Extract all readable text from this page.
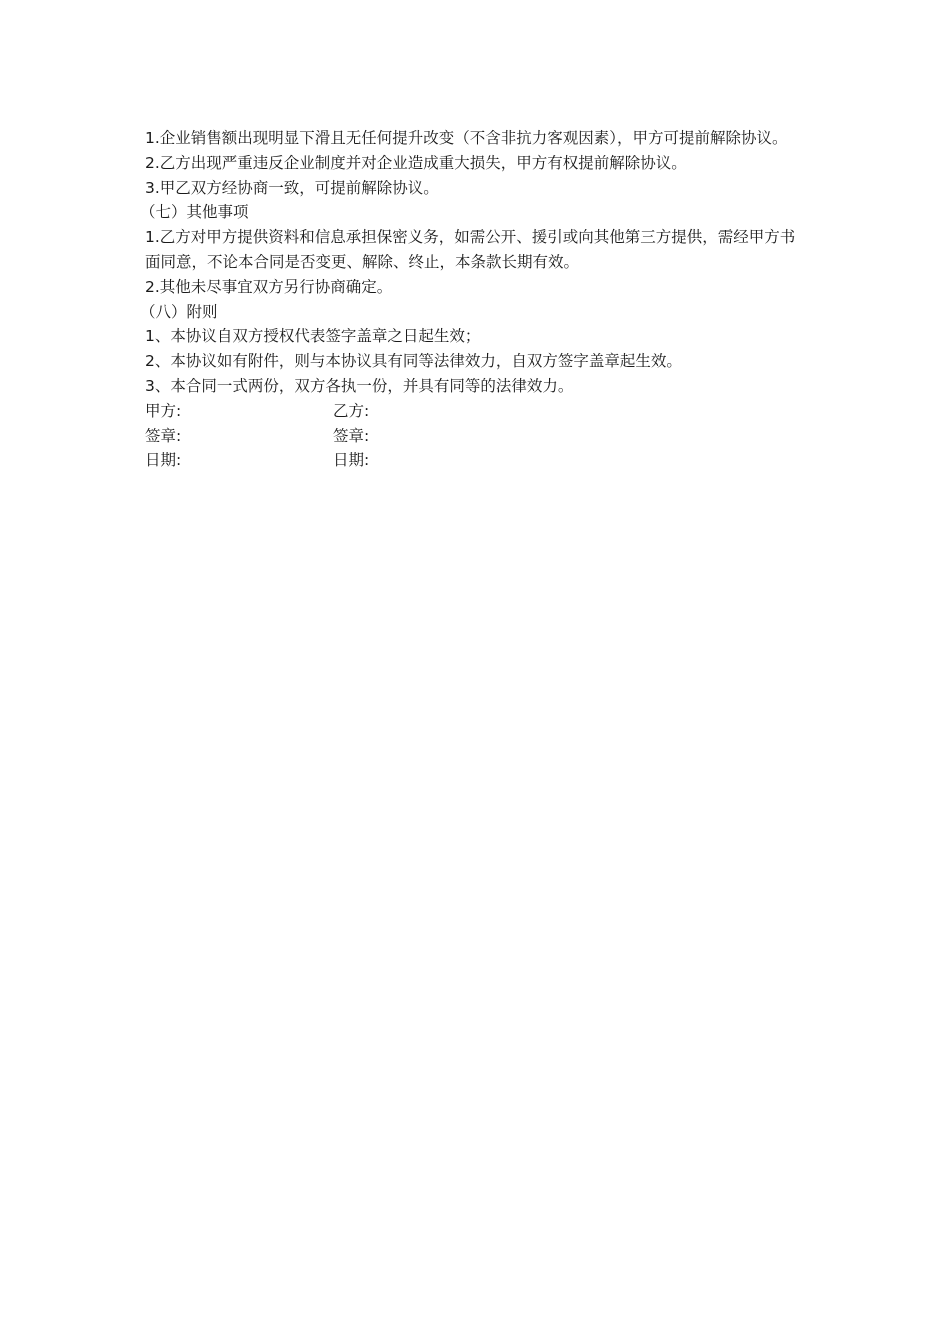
1.企业销售额出现明显下滑且无任何提升改变（不含非抗力客观因素），甲方可提前解除协议。

2.乙方出现严重违反企业制度并对企业造成重大损失，甲方有权提前解除协议。

3.甲乙双方经协商一致，可提前解除协议。

（七）其他事项

1.乙方对甲方提供资料和信息承担保密义务，如需公开、援引或向其他第三方提供，需经甲方书面同意，不论本合同是否变更、解除、终止，本条款长期有效。

2.其他未尽事宜双方另行协商确定。

（八）附则

1、本协议自双方授权代表签字盖章之日起生效；

2、本协议如有附件，则与本协议具有同等法律效力，自双方签字盖章起生效。

3、本合同一式两份，双方各执一份，并具有同等的法律效力。

甲方:	乙方:
签章:	签章:
日期:	日期:
